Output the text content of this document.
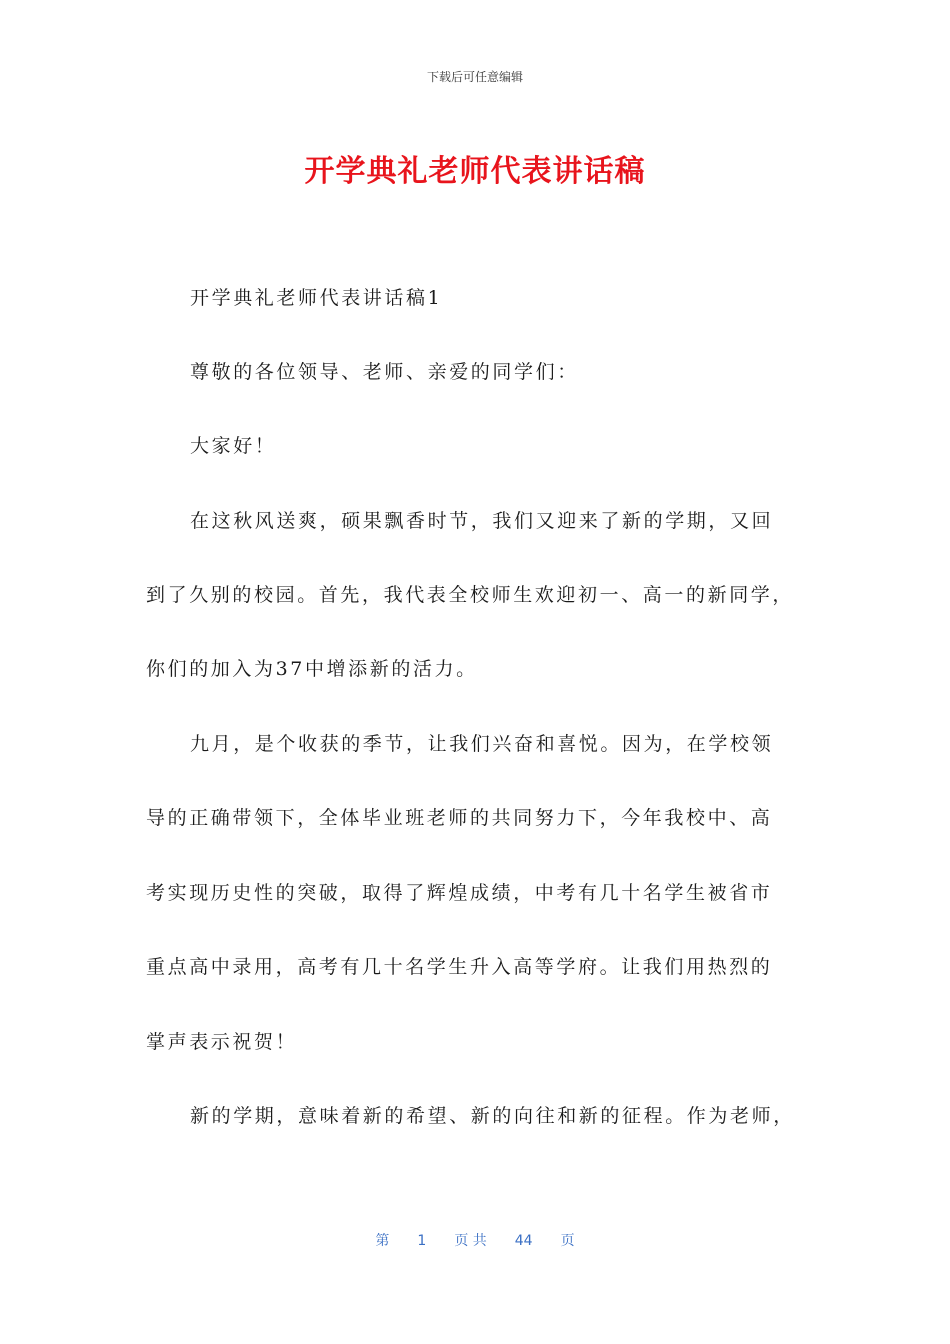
下载后可任意编辑
开学典礼老师代表讲话稿
开学典礼老师代表讲话稿1
尊敬的各位领导、老师、亲爱的同学们：
大家好！
在这秋风送爽，硕果飘香时节，我们又迎来了新的学期，又回
到了久别的校园。首先，我代表全校师生欢迎初一、高一的新同学，
你们的加入为37中增添新的活力。
九月，是个收获的季节，让我们兴奋和喜悦。因为，在学校领
导的正确带领下，全体毕业班老师的共同努力下，今年我校中、高
考实现历史性的突破，取得了辉煌成绩，中考有几十名学生被省市
重点高中录用，高考有几十名学生升入高等学府。让我们用热烈的
掌声表示祝贺！
新的学期，意味着新的希望、新的向往和新的征程。作为老师，
第 1 页 共 44 页
